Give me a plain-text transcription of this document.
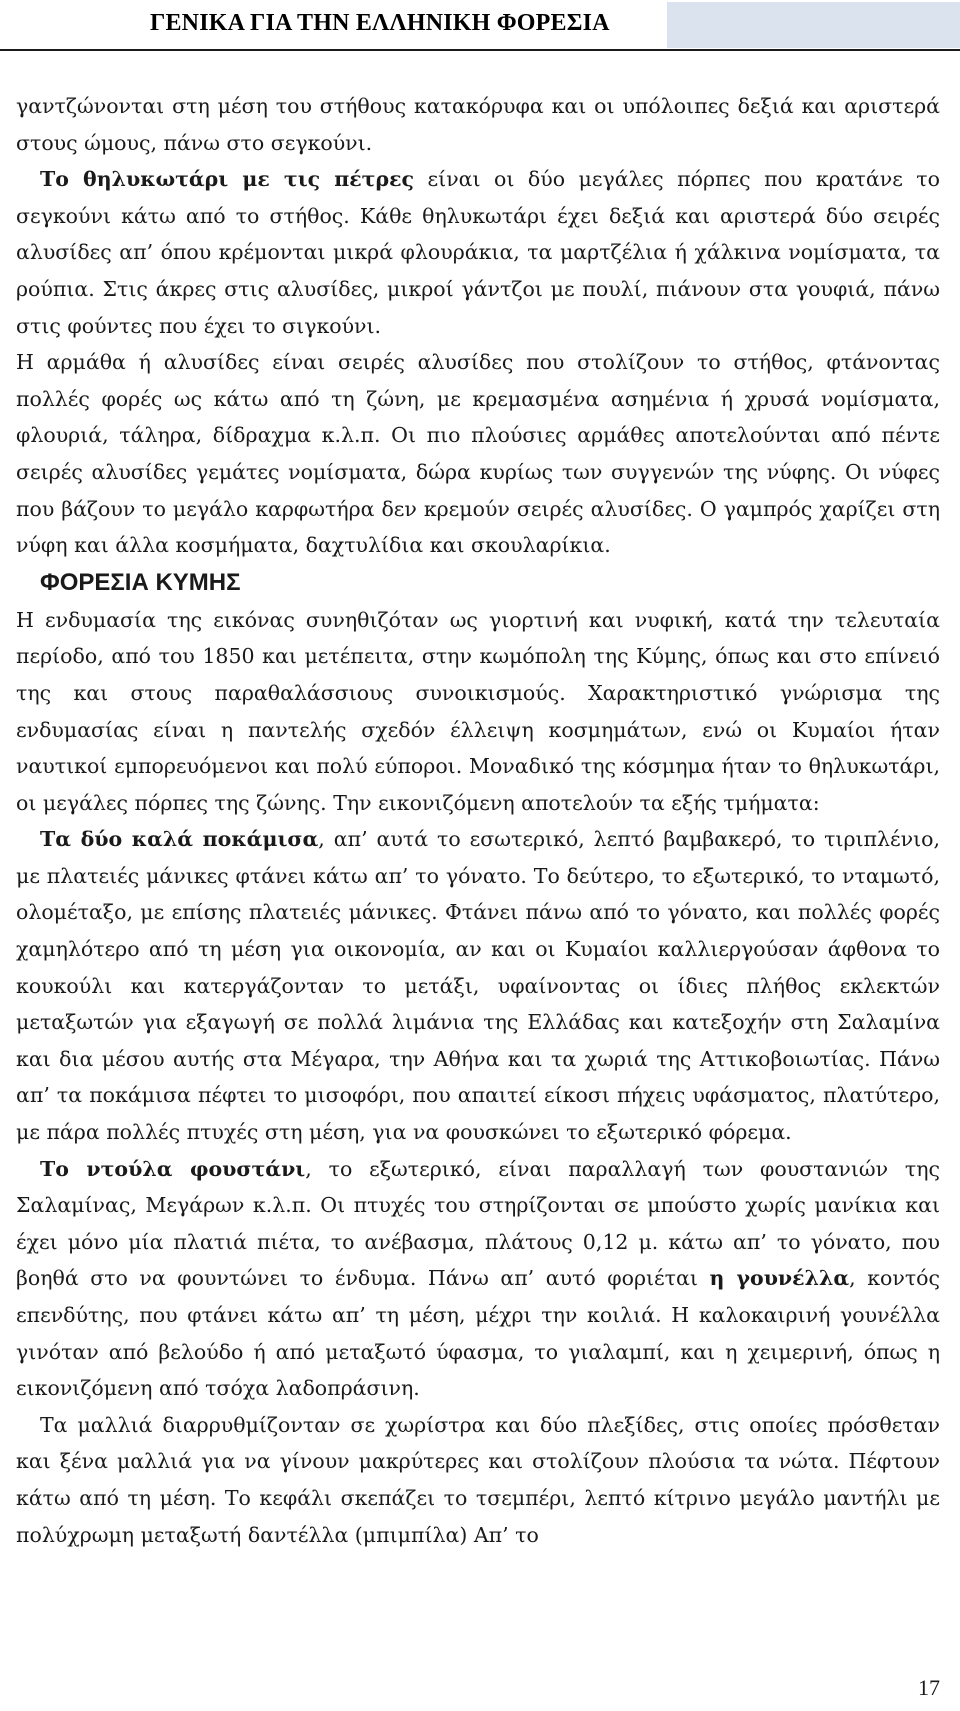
ΓΕΝΙΚΑ ΓΙΑ ΤΗΝ ΕΛΛΗΝΙΚΗ ΦΟΡΕΣΙΑ

γαντζώνονται στη μέση του στήθους κατακόρυφα και οι υπόλοιπες δεξιά και αριστερά στους ώμους, πάνω στο σεγκούνι.

Το θηλυκωτάρι με τις πέτρες είναι οι δύο μεγάλες πόρπες που κρατάνε το σεγκούνι κάτω από το στήθος. Κάθε θηλυκωτάρι έχει δεξιά και αριστερά δύο σειρές αλυσίδες απ’ όπου κρέμονται μικρά φλουράκια, τα μαρτζέλια ή χάλκινα νομίσματα, τα ρούπια. Στις άκρες στις αλυσίδες, μικροί γάντζοι με πουλί, πιάνουν στα γουφιά, πάνω στις φούντες που έχει το σιγκούνι.

Η αρμάθα ή αλυσίδες είναι σειρές αλυσίδες που στολίζουν το στήθος, φτάνοντας πολλές φορές ως κάτω από τη ζώνη, με κρεμασμένα ασημένια ή χρυσά νομίσματα, φλουριά, τάληρα, δίδραχμα κ.λ.π. Οι πιο πλούσιες αρμάθες αποτελούνται από πέντε σειρές αλυσίδες γεμάτες νομίσματα, δώρα κυρίως των συγγενών της νύφης. Οι νύφες που βάζουν το μεγάλο καρφωτήρα δεν κρεμούν σειρές αλυσίδες. Ο γαμπρός χαρίζει στη νύφη και άλλα κοσμήματα, δαχτυλίδια και σκουλαρίκια.

ΦΟΡΕΣΙΑ ΚΥΜΗΣ

Η ενδυμασία της εικόνας συνηθιζόταν ως γιορτινή και νυφική, κατά την τελευταία περίοδο, από του 1850 και μετέπειτα, στην κωμόπολη της Κύμης, όπως και στο επίνειό της και στους παραθαλάσσιους συνοικισμούς. Χαρακτηριστικό γνώρισμα της ενδυμασίας είναι η παντελής σχεδόν έλλειψη κοσμημάτων, ενώ οι Κυμαίοι ήταν ναυτικοί εμπορευόμενοι και πολύ εύποροι. Μοναδικό της κόσμημα ήταν το θηλυκωτάρι, οι μεγάλες πόρπες της ζώνης. Την εικονιζόμενη αποτελούν τα εξής τμήματα:

Τα δύο καλά ποκάμισα, απ’ αυτά το εσωτερικό, λεπτό βαμβακερό, το τιριπλένιο, με πλατειές μάνικες φτάνει κάτω απ’ το γόνατο. Το δεύτερο, το εξωτερικό, το νταμωτό, ολομέταξο, με επίσης πλατειές μάνικες. Φτάνει πάνω από το γόνατο, και πολλές φορές χαμηλότερο από τη μέση για οικονομία, αν και οι Κυμαίοι καλλιεργούσαν άφθονα το κουκούλι και κατεργάζονταν το μετάξι, υφαίνοντας οι ίδιες πλήθος εκλεκτών μεταξωτών για εξαγωγή σε πολλά λιμάνια της Ελλάδας και κατεξοχήν στη Σαλαμίνα και δια μέσου αυτής στα Μέγαρα, την Αθήνα και τα χωριά της Αττικοβοιωτίας. Πάνω απ’ τα ποκάμισα πέφτει το μισοφόρι, που απαιτεί είκοσι πήχεις υφάσματος, πλατύτερο, με πάρα πολλές πτυχές στη μέση, για να φουσκώνει το εξωτερικό φόρεμα.

Το ντούλα φουστάνι, το εξωτερικό, είναι παραλλαγή των φουστανιών της Σαλαμίνας, Μεγάρων κ.λ.π. Οι πτυχές του στηρίζονται σε μπούστο χωρίς μανίκια και έχει μόνο μία πλατιά πιέτα, το ανέβασμα, πλάτους 0,12 μ. κάτω απ’ το γόνατο, που βοηθά στο να φουντώνει το ένδυμα. Πάνω απ’ αυτό φοριέται η γουνέλλα, κοντός επενδύτης, που φτάνει κάτω απ’ τη μέση, μέχρι την κοιλιά. Η καλοκαιρινή γουνέλλα γινόταν από βελούδο ή από μεταξωτό ύφασμα, το γιαλαμπί, και η χειμερινή, όπως η εικονιζόμενη από τσόχα λαδοπράσινη.

Τα μαλλιά διαρρυθμίζονταν σε χωρίστρα και δύο πλεξίδες, στις οποίες πρόσθεταν και ξένα μαλλιά για να γίνουν μακρύτερες και στολίζουν πλούσια τα νώτα. Πέφτουν κάτω από τη μέση. Το κεφάλι σκεπάζει το τσεμπέρι, λεπτό κίτρινο μεγάλο μαντήλι με πολύχρωμη μεταξωτή δαντέλλα (μπιμπίλα) Απ’ το

17
